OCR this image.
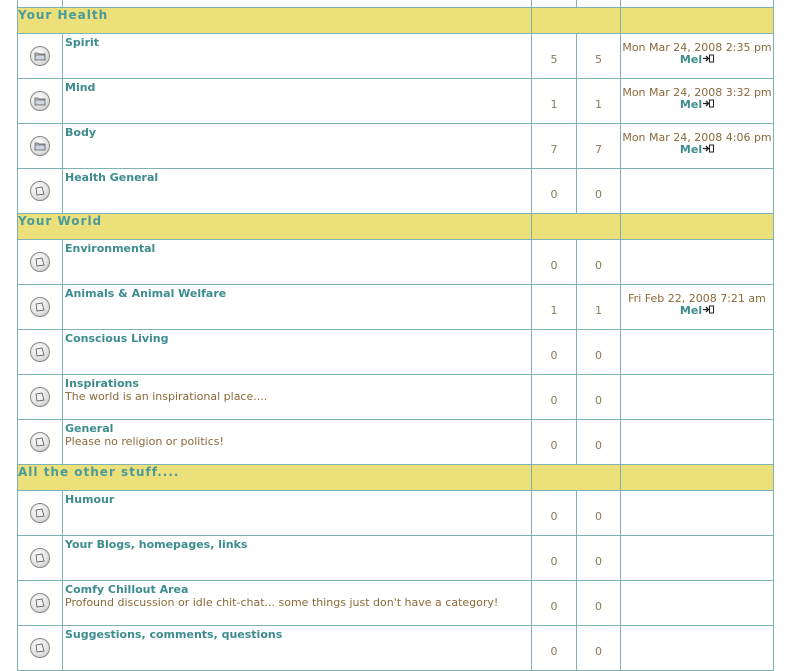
Your Health				

Spirit	5	5	Mon Mar 24, 2008 2:35 pm
Mel

Mind	1	1	Mon Mar 24, 2008 3:32 pm
Mel

Body	7	7	Mon Mar 24, 2008 4:06 pm
Mel

Health General	0	0	
Your World				

Environmental	0	0	

Animals & Animal Welfare	1	1	Fri Feb 22, 2008 7:21 am
Mel

Conscious Living	0	0	

Inspirations
The world is an inspirational place....	0	0	

General
Please no religion or politics!	0	0	
All the other stuff....				

Humour	0	0	

Your Blogs, homepages, links	0	0	

Comfy Chillout Area
Profound discussion or idle chit-chat... some things just don't have a category!	0	0	

Suggestions, comments, questions	0	0	
